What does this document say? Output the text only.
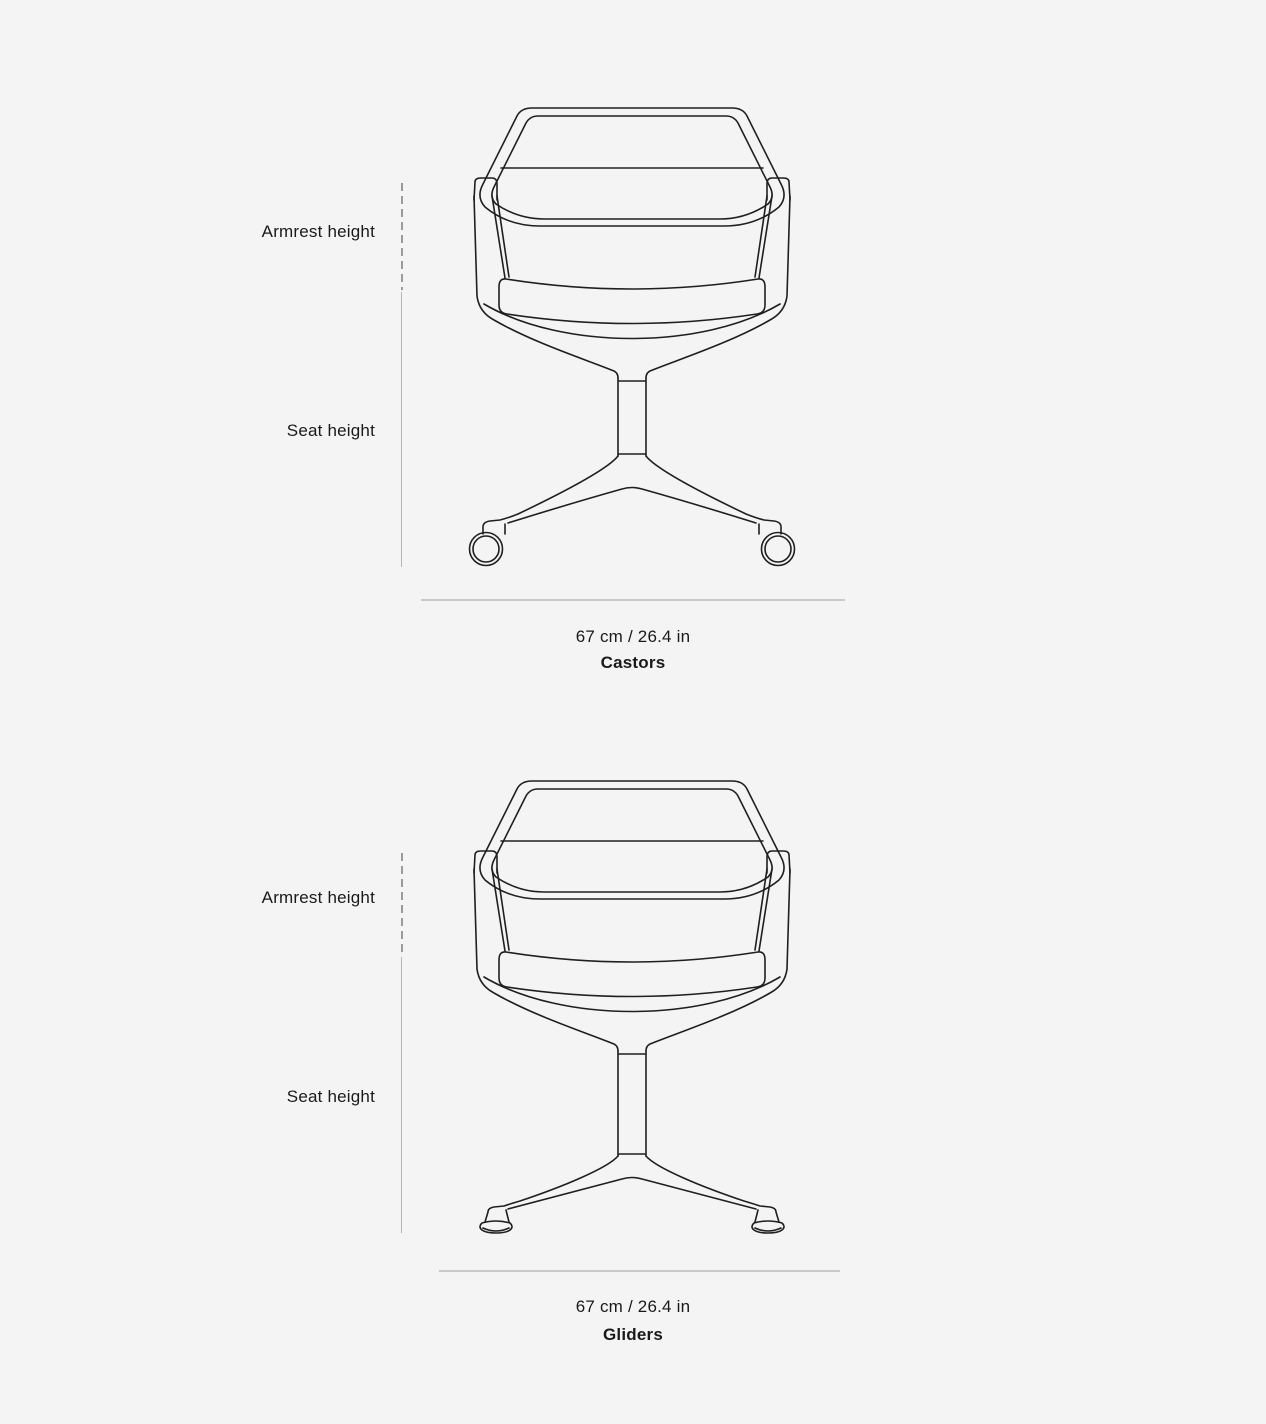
Armrest height
Seat height
67 cm / 26.4 in
Castors
Armrest height
Seat height
67 cm / 26.4 in
Gliders
